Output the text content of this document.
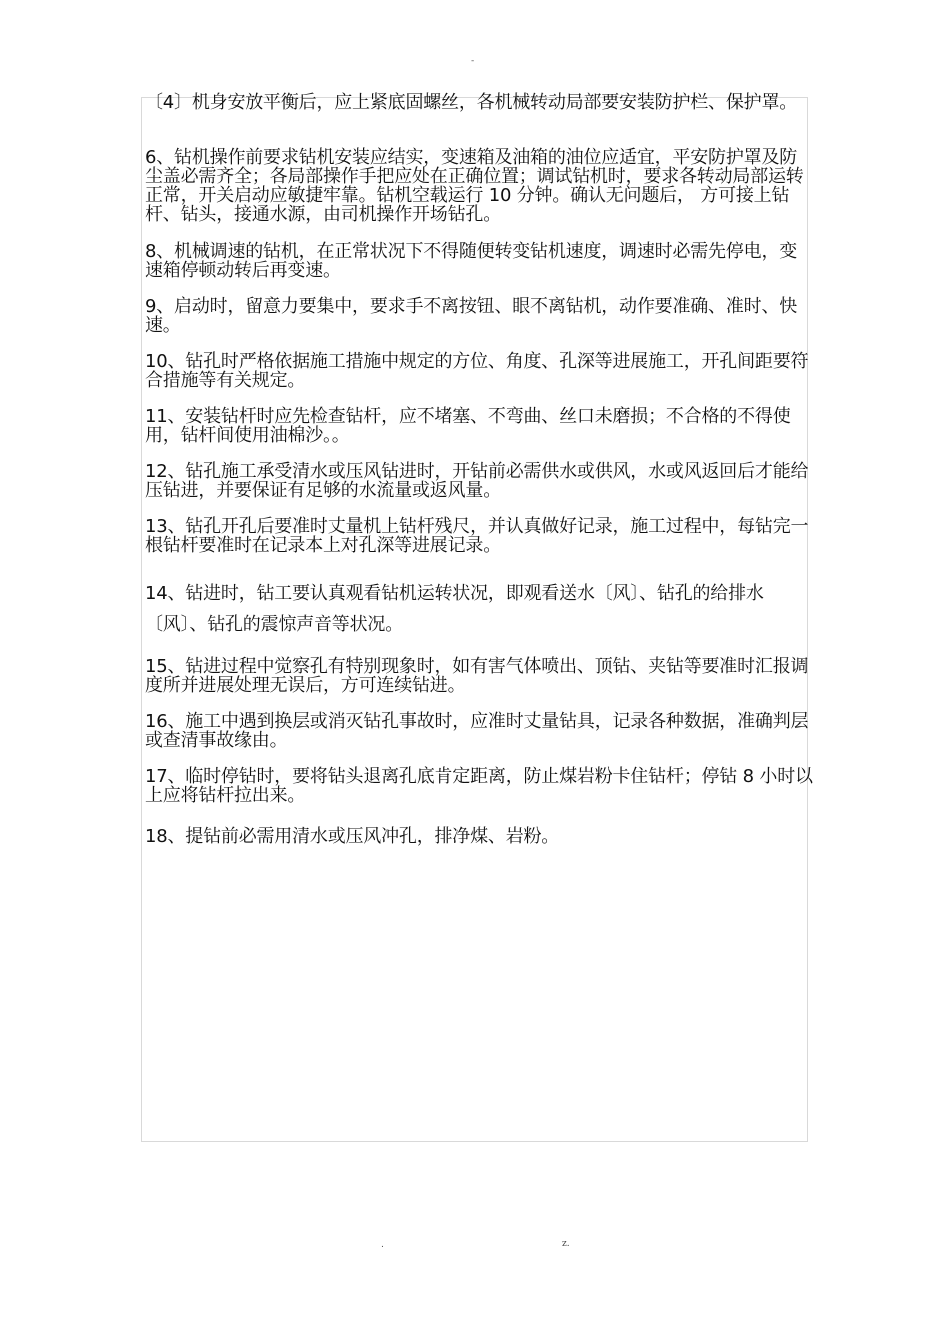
-

〔4〕机身安放平衡后，应上紧底固螺丝，各机械转动局部要安装防护栏、保护罩。

6、钻机操作前要求钻机安装应结实，变速箱及油箱的油位应适宜，平安防护罩及防尘盖必需齐全；各局部操作手把应处在正确位置；调试钻机时，要求各转动局部运转正常，开关启动应敏捷牢靠。钻机空载运行 10 分钟。确认无问题后， 方可接上钻杆、钻头，接通水源，由司机操作开场钻孔。

8、机械调速的钻机，在正常状况下不得随便转变钻机速度，调速时必需先停电，变速箱停顿动转后再变速。

9、启动时，留意力要集中，要求手不离按钮、眼不离钻机，动作要准确、准时、快速。

10、钻孔时严格依据施工措施中规定的方位、角度、孔深等进展施工，开孔间距要符合措施等有关规定。

11、安装钻杆时应先检查钻杆，应不堵塞、不弯曲、丝口未磨损；不合格的不得使用，钻杆间使用油棉沙。。

12、钻孔施工承受清水或压风钻进时，开钻前必需供水或供风，水或风返回后才能给压钻进，并要保证有足够的水流量或返风量。

13、钻孔开孔后要准时丈量机上钻杆残尺，并认真做好记录，施工过程中，每钻完一根钻杆要准时在记录本上对孔深等进展记录。

14、钻进时，钻工要认真观看钻机运转状况，即观看送水〔风〕、钻孔的给排水〔风〕、钻孔的震惊声音等状况。

15、钻进过程中觉察孔有特别现象时，如有害气体喷出、顶钻、夹钻等要准时汇报调度所并进展处理无误后，方可连续钻进。

16、施工中遇到换层或消灭钻孔事故时，应准时丈量钻具，记录各种数据，准确判层或查清事故缘由。

17、临时停钻时，要将钻头退离孔底肯定距离，防止煤岩粉卡住钻杆；停钻 8 小时以上应将钻杆拉出来。

18、提钻前必需用清水或压风冲孔，排净煤、岩粉。

.	z.
